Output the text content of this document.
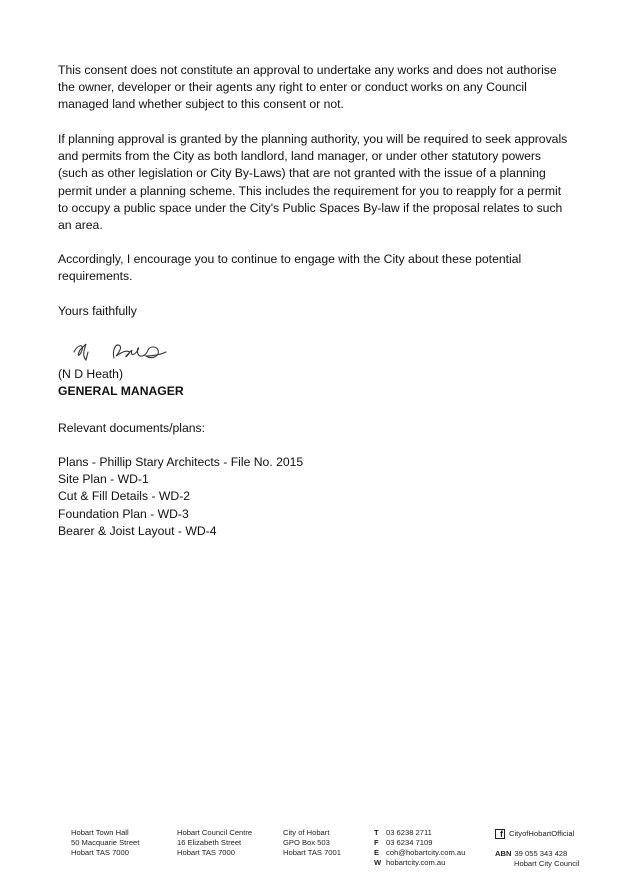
This consent does not constitute an approval to undertake any works and does not authorise the owner, developer or their agents any right to enter or conduct works on any Council managed land whether subject to this consent or not.

If planning approval is granted by the planning authority, you will be required to seek approvals and permits from the City as both landlord, land manager, or under other statutory powers (such as other legislation or City By-Laws) that are not granted with the issue of a planning permit under a planning scheme. This includes the requirement for you to reapply for a permit to occupy a public space under the City's Public Spaces By-law if the proposal relates to such an area.

Accordingly, I encourage you to continue to engage with the City about these potential requirements.

Yours faithfully

(N D Heath)
GENERAL MANAGER
Relevant documents/plans:
Plans - Phillip Stary Architects - File No. 2015
Site Plan - WD-1
Cut & Fill Details - WD-2
Foundation Plan - WD-3
Bearer & Joist Layout - WD-4
Hobart Town Hall
50 Macquarie Street
Hobart TAS 7000
Hobart Council Centre
16 Elizabeth Street
Hobart TAS 7000
City of Hobart
GPO Box 503
Hobart TAS 7001
T 03 6238 2711
F 03 6234 7109
E coh@hobartcity.com.au
W hobartcity.com.au
f CityofHobartOfficial
ABN 39 055 343 428
Hobart City Council
